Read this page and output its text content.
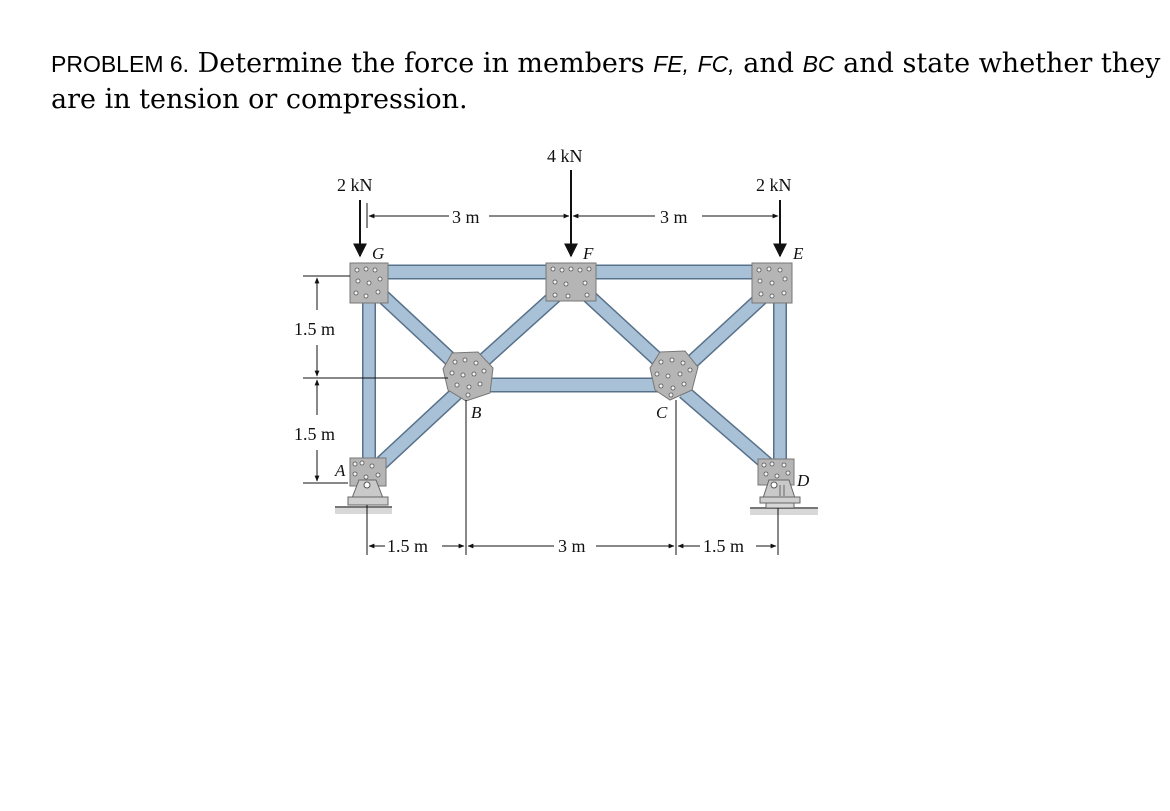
PROBLEM 6. Determine the force in members FE, FC, and BC and state whether they
are in tension or compression.
2 kN
4 kN
2 kN
G	F	E
B	C
A
D
3 m	3 m
1.5 m
1.5 m
1.5 m	3 m	1.5 m
